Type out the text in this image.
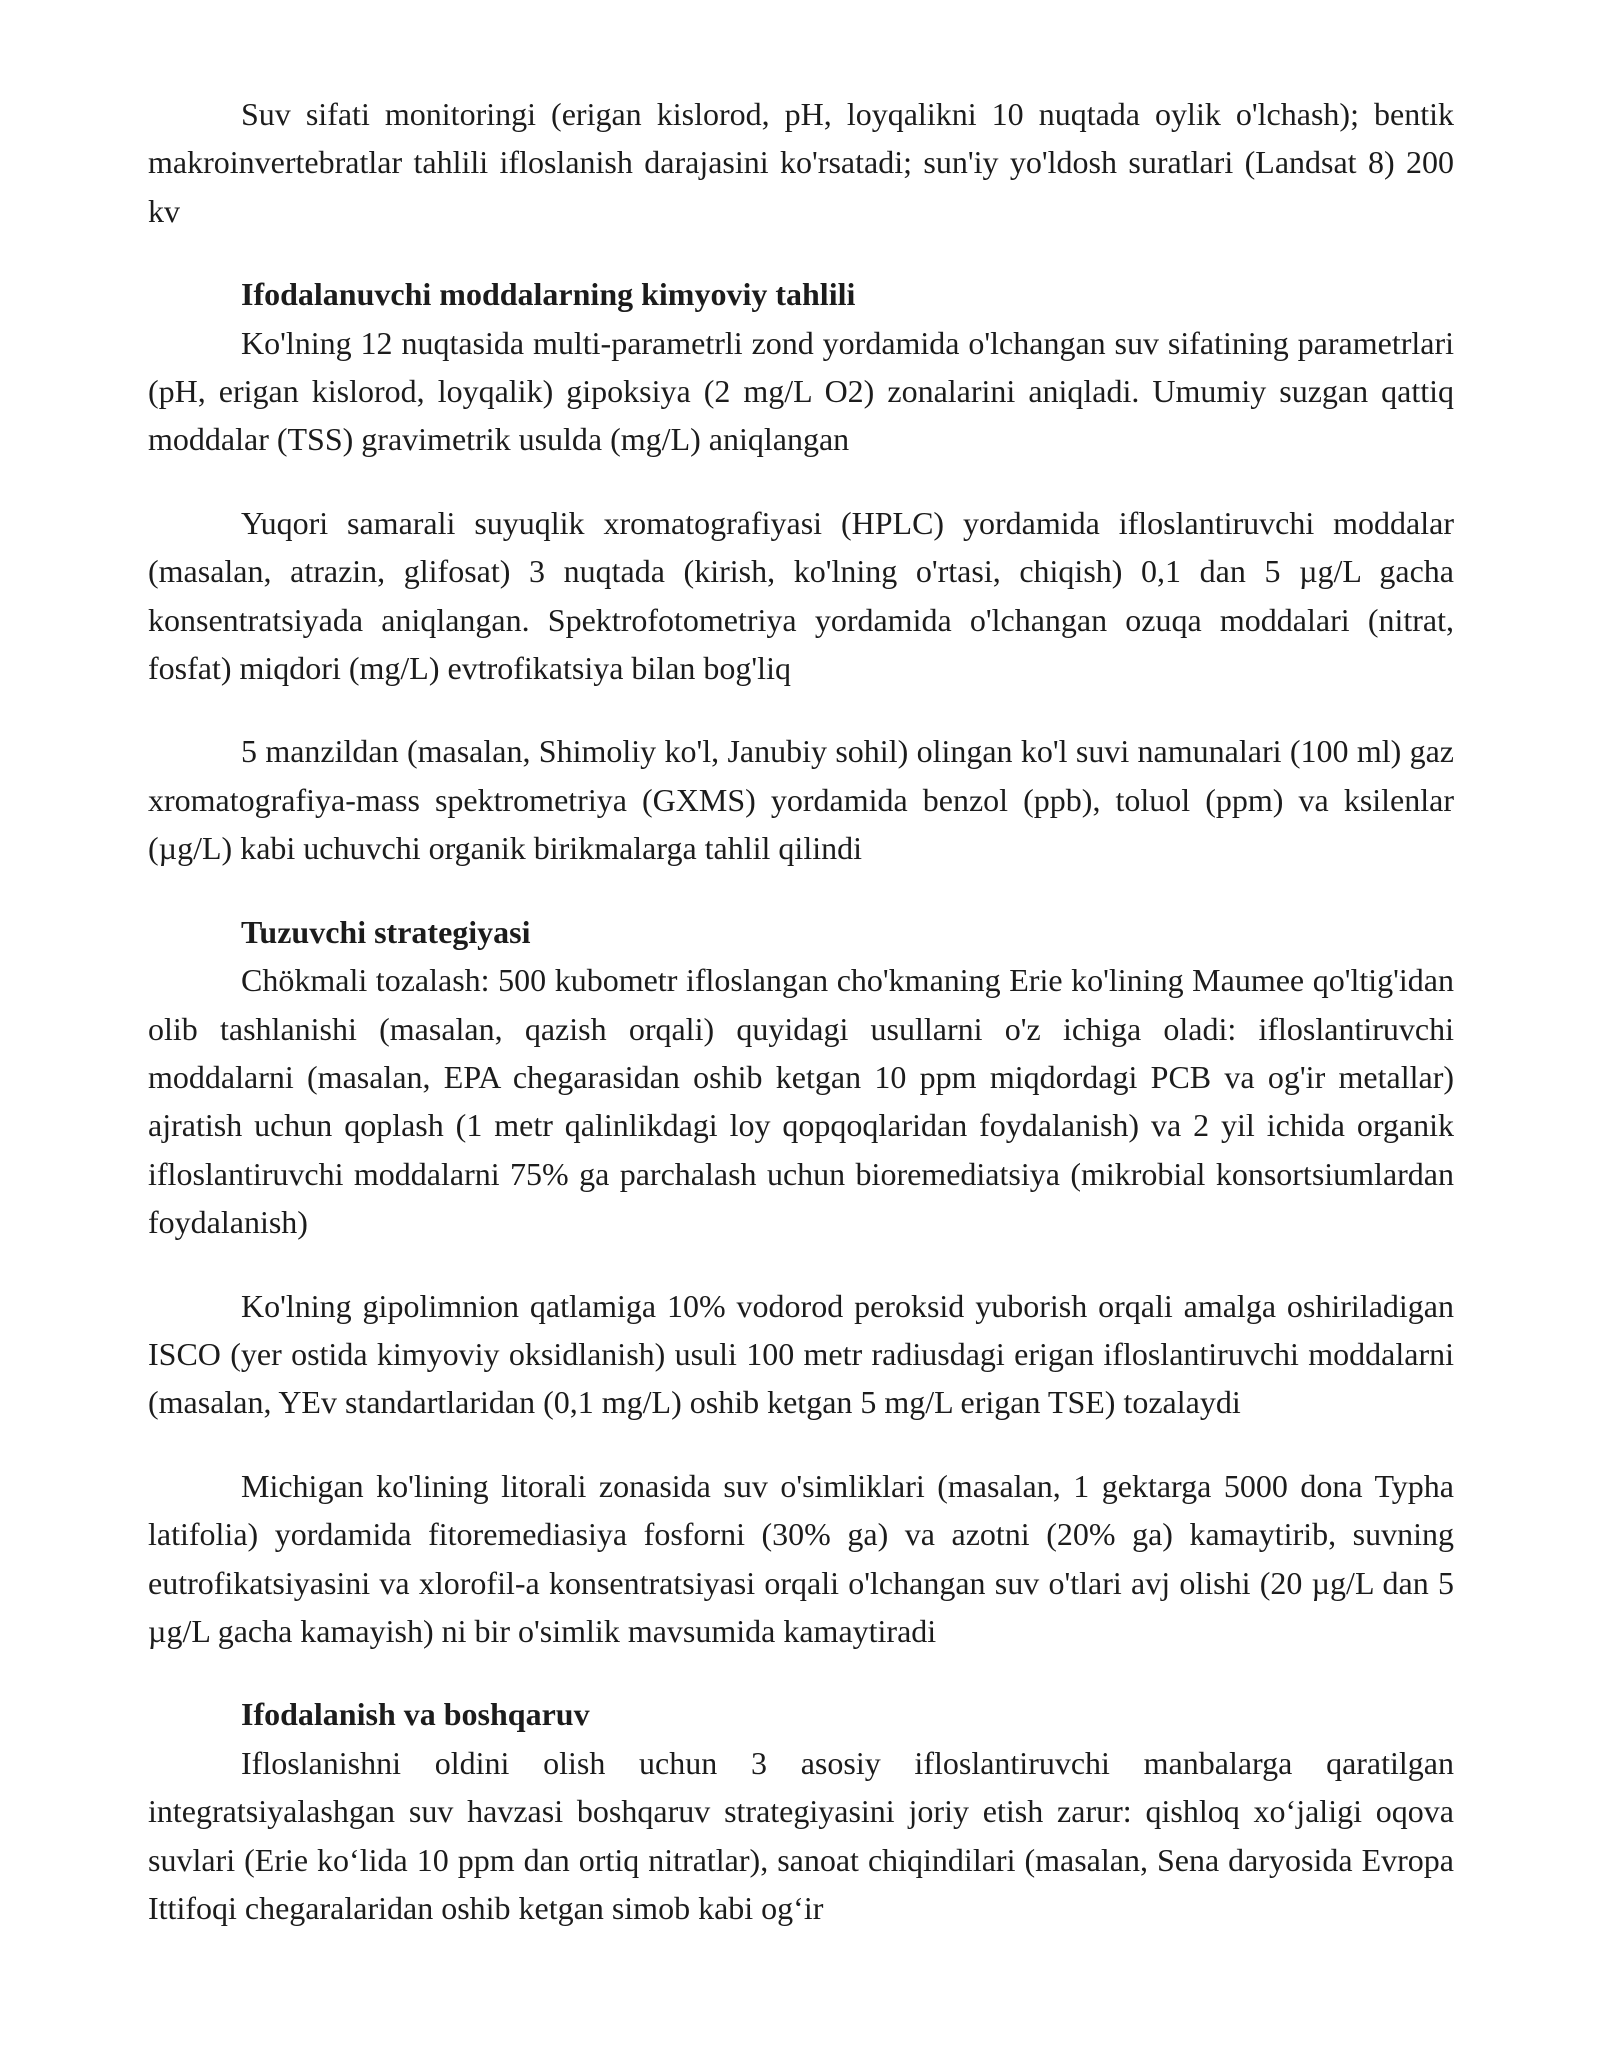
Suv sifati monitoringi (erigan kislorod, pH, loyqalikni 10 nuqtada oylik o'lchash); bentik makroinvertebratlar tahlili ifloslanish darajasini ko'rsatadi; sun'iy yo'ldosh suratlari (Landsat 8) 200 kv

Ifodalanuvchi moddalarning kimyoviy tahlili

Ko'lning 12 nuqtasida multi-parametrli zond yordamida o'lchangan suv sifatining parametrlari (pH, erigan kislorod, loyqalik) gipoksiya (2 mg/L O2) zonalarini aniqladi. Umumiy suzgan qattiq moddalar (TSS) gravimetrik usulda (mg/L) aniqlangan

Yuqori samarali suyuqlik xromatografiyasi (HPLC) yordamida ifloslantiruvchi moddalar (masalan, atrazin, glifosat) 3 nuqtada (kirish, ko'lning o'rtasi, chiqish) 0,1 dan 5 µg/L gacha konsentratsiyada aniqlangan. Spektrofotometriya yordamida o'lchangan ozuqa moddalari (nitrat, fosfat) miqdori (mg/L) evtrofikatsiya bilan bog'liq

5 manzildan (masalan, Shimoliy ko'l, Janubiy sohil) olingan ko'l suvi namunalari (100 ml) gaz xromatografiya-mass spektrometriya (GXMS) yordamida benzol (ppb), toluol (ppm) va ksilenlar (µg/L) kabi uchuvchi organik birikmalarga tahlil qilindi

Tuzuvchi strategiyasi

Chökmali tozalash: 500 kubometr ifloslangan cho'kmaning Erie ko'lining Maumee qo'ltig'idan olib tashlanishi (masalan, qazish orqali) quyidagi usullarni o'z ichiga oladi: ifloslantiruvchi moddalarni (masalan, EPA chegarasidan oshib ketgan 10 ppm miqdordagi PCB va og'ir metallar) ajratish uchun qoplash (1 metr qalinlikdagi loy qopqoqlaridan foydalanish) va 2 yil ichida organik ifloslantiruvchi moddalarni 75% ga parchalash uchun bioremediatsiya (mikrobial konsortsiumlardan foydalanish)

Ko'lning gipolimnion qatlamiga 10% vodorod peroksid yuborish orqali amalga oshiriladigan ISCO (yer ostida kimyoviy oksidlanish) usuli 100 metr radiusdagi erigan ifloslantiruvchi moddalarni (masalan, YEv standartlaridan (0,1 mg/L) oshib ketgan 5 mg/L erigan TSE) tozalaydi

Michigan ko'lining litorali zonasida suv o'simliklari (masalan, 1 gektarga 5000 dona Typha latifolia) yordamida fitoremediasiya fosforni (30% ga) va azotni (20% ga) kamaytirib, suvning eutrofikatsiyasini va xlorofil-a konsentratsiyasi orqali o'lchangan suv o'tlari avj olishi (20 µg/L dan 5 µg/L gacha kamayish) ni bir o'simlik mavsumida kamaytiradi

Ifodalanish va boshqaruv

Ifloslanishni oldini olish uchun 3 asosiy ifloslantiruvchi manbalarga qaratilgan integratsiyalashgan suv havzasi boshqaruv strategiyasini joriy etish zarur: qishloq xo‘jaligi oqova suvlari (Erie ko‘lida 10 ppm dan ortiq nitratlar), sanoat chiqindilari (masalan, Sena daryosida Evropa Ittifoqi chegaralaridan oshib ketgan simob kabi og‘ir
